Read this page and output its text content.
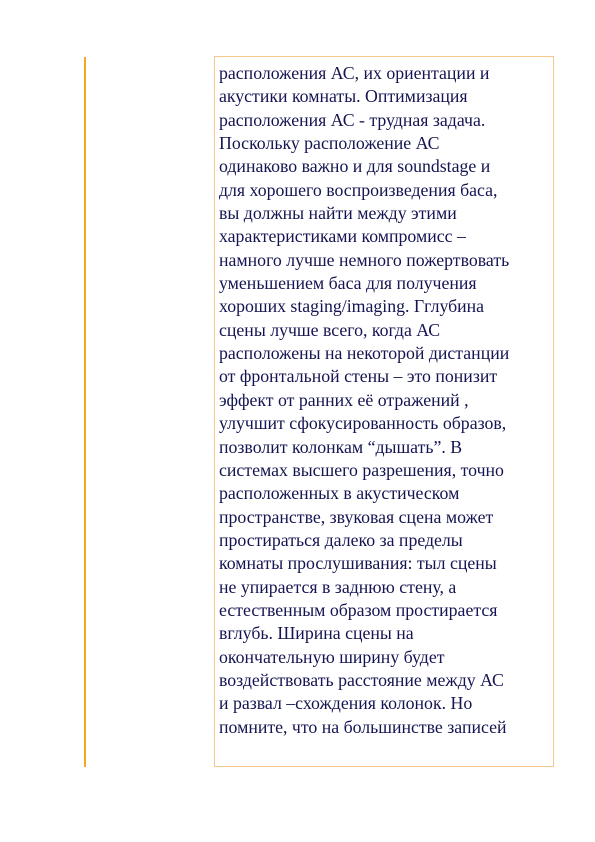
расположения АС, их ориентации и
акустики комнаты. Оптимизация
расположения АС - трудная задача.
Поскольку расположение АС
одинаково важно и для soundstage и
для хорошего воспроизведения баса,
вы должны найти между этими
характеристиками компромисс –
намного лучше немного пожертвовать
уменьшением баса для получения
хороших staging/imaging. Гглубина
сцены лучше всего, когда АС
расположены на некоторой дистанции
от фронтальной стены – это понизит
эффект от ранних её отражений ,
улучшит сфокусированность образов,
позволит колонкам “дышать”. В
системах высшего разрешения, точно
расположенных в акустическом
пространстве, звуковая сцена может
простираться далеко за пределы
комнаты прослушивания: тыл сцены
не упирается в заднюю стену, а
естественным образом простирается
вглубь. Ширина сцены на
окончательную ширину будет
воздействовать расстояние между АС
и развал –схождения колонок. Но
помните, что на большинстве записей
